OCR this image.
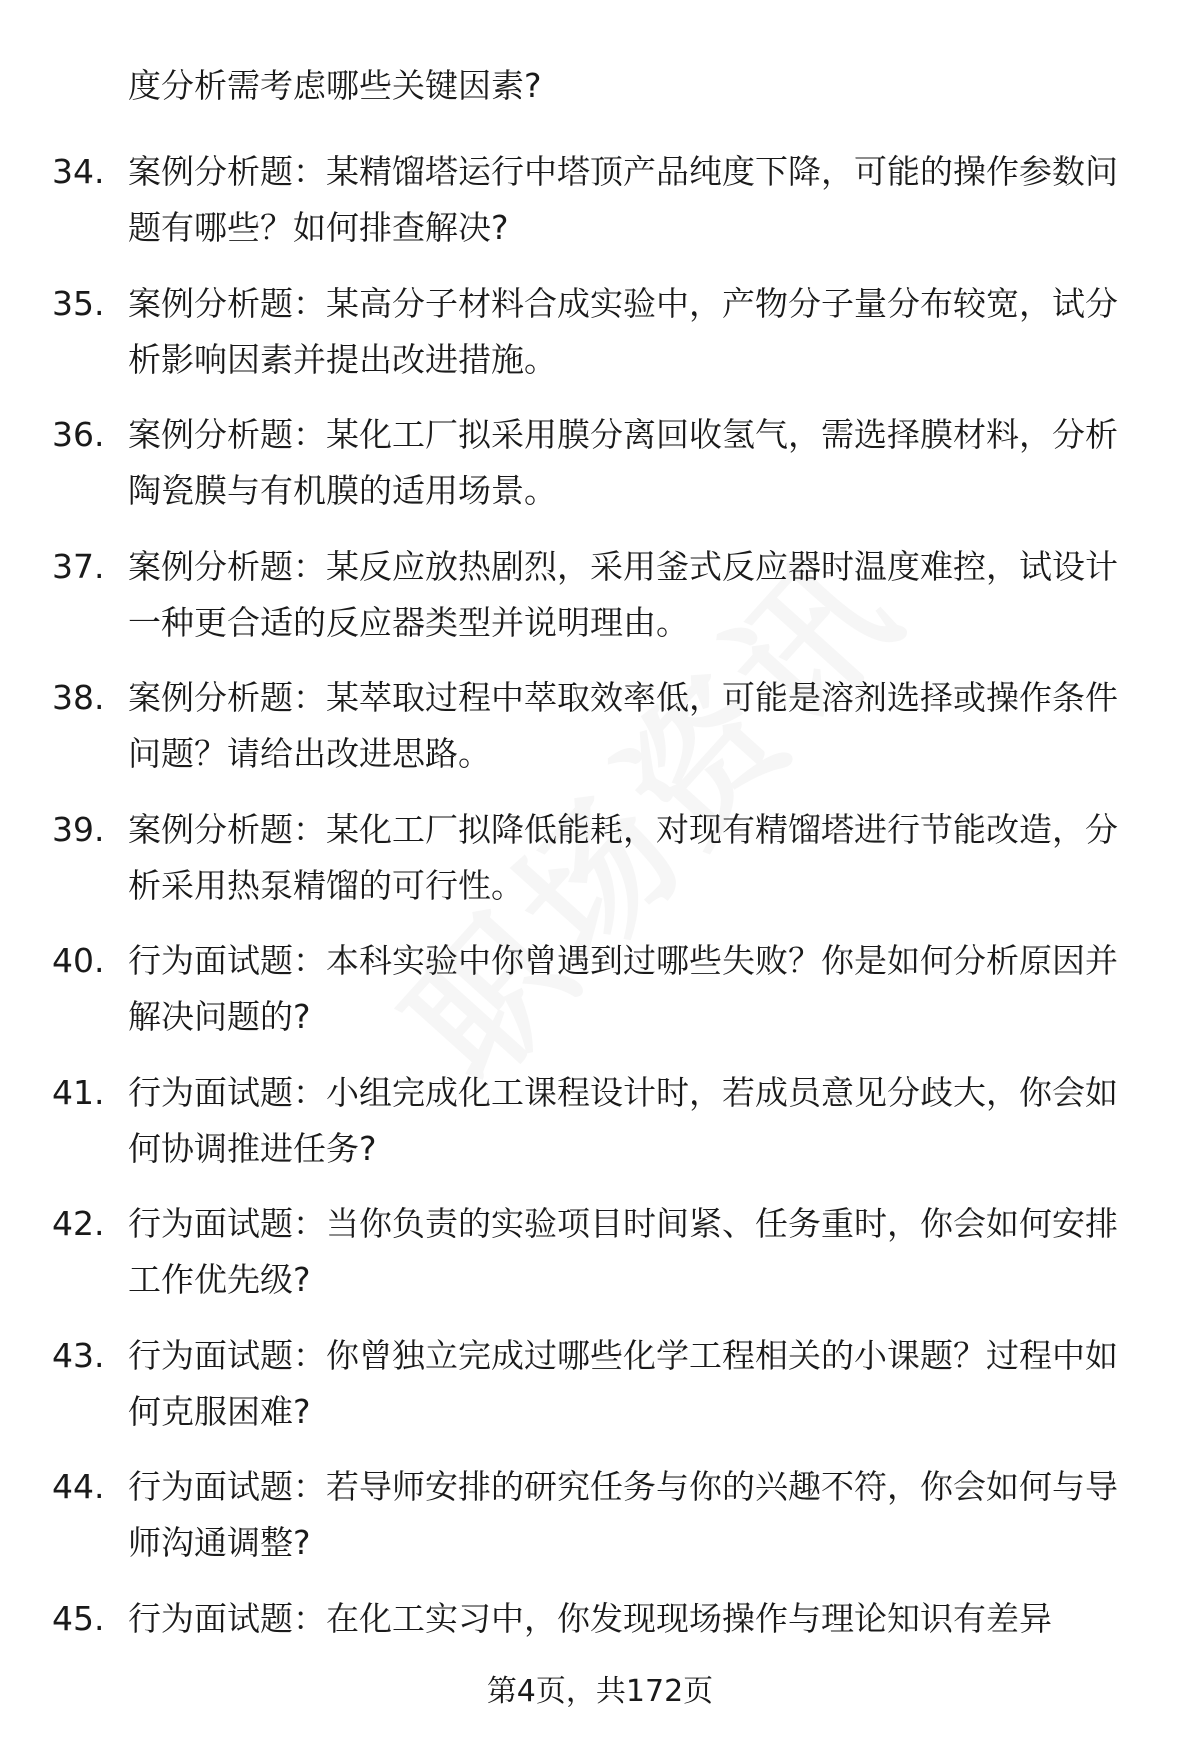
度分析需考虑哪些关键因素?
34. 案例分析题：某精馏塔运行中塔顶产品纯度下降，可能的操作参数问题有哪些？如何排查解决?
35. 案例分析题：某高分子材料合成实验中，产物分子量分布较宽，试分析影响因素并提出改进措施。
36. 案例分析题：某化工厂拟采用膜分离回收氢气，需选择膜材料，分析陶瓷膜与有机膜的适用场景。
37. 案例分析题：某反应放热剧烈，采用釜式反应器时温度难控，试设计一种更合适的反应器类型并说明理由。
38. 案例分析题：某萃取过程中萃取效率低，可能是溶剂选择或操作条件问题？请给出改进思路。
39. 案例分析题：某化工厂拟降低能耗，对现有精馏塔进行节能改造，分析采用热泵精馏的可行性。
40. 行为面试题：本科实验中你曾遇到过哪些失败？你是如何分析原因并解决问题的?
41. 行为面试题：小组完成化工课程设计时，若成员意见分歧大，你会如何协调推进任务?
42. 行为面试题：当你负责的实验项目时间紧、任务重时，你会如何安排工作优先级?
43. 行为面试题：你曾独立完成过哪些化学工程相关的小课题？过程中如何克服困难?
44. 行为面试题：若导师安排的研究任务与你的兴趣不符，你会如何与导师沟通调整?
45. 行为面试题：在化工实习中，你发现现场操作与理论知识有差异
第4页，共172页
